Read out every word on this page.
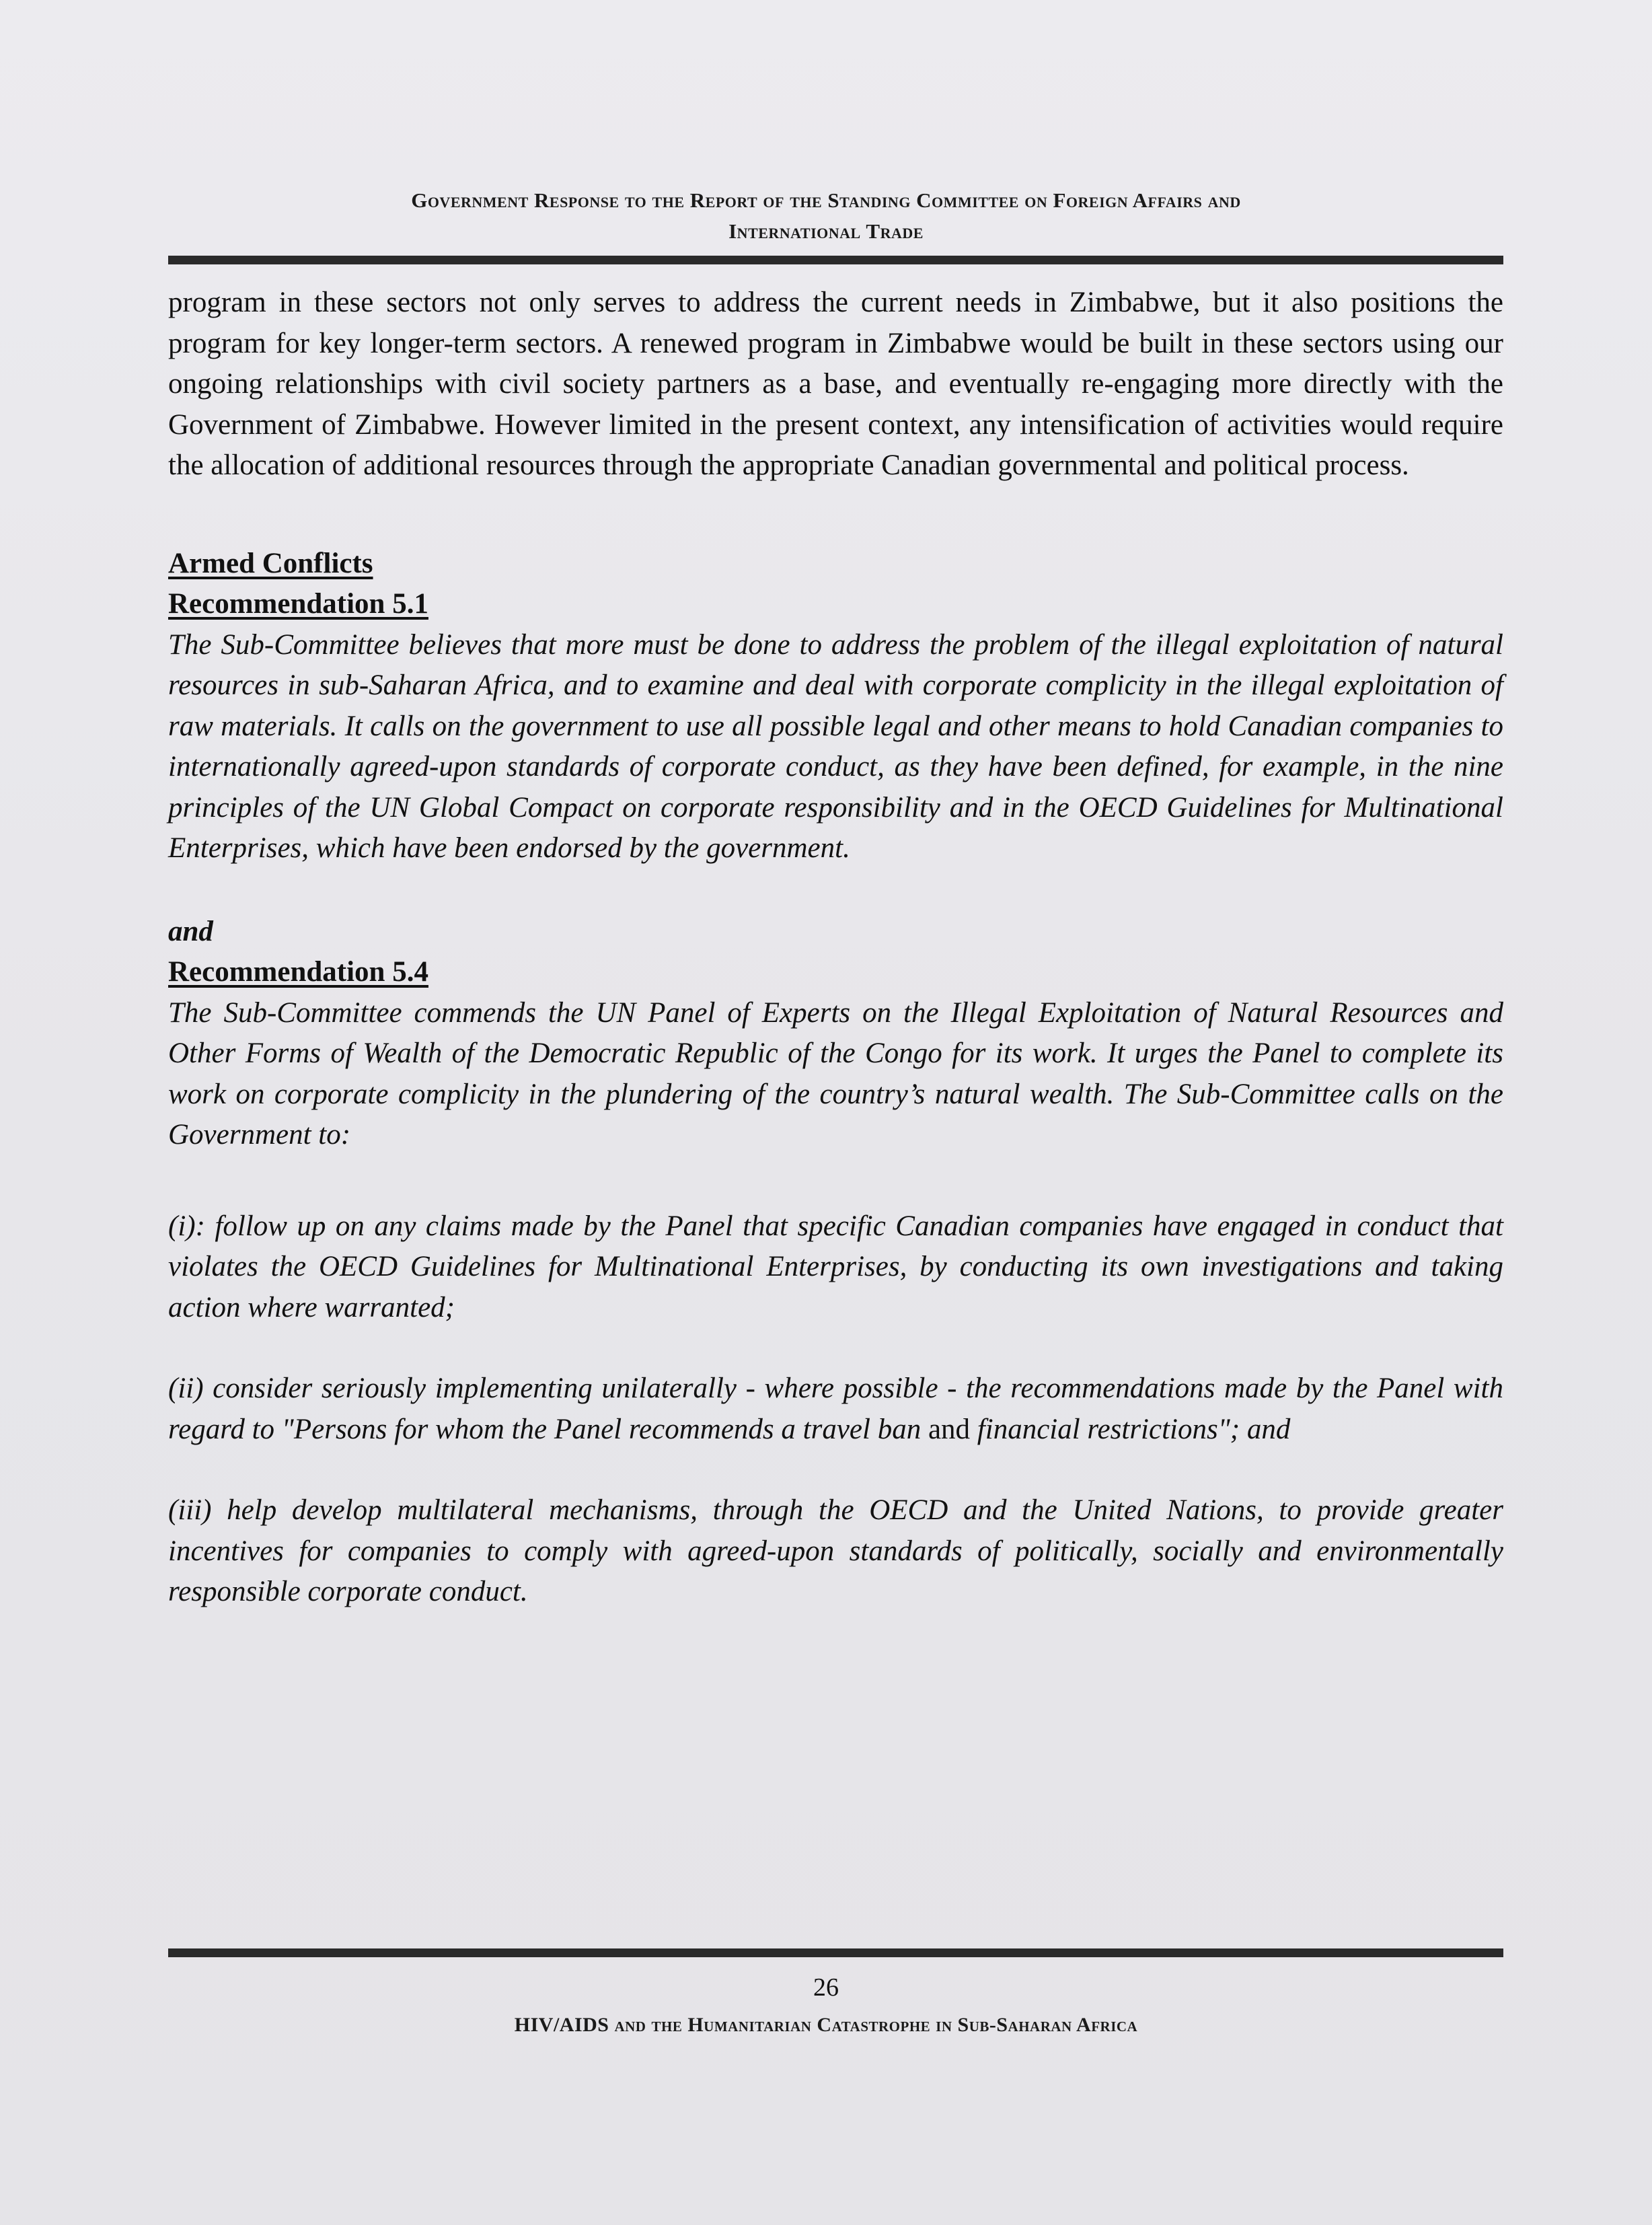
Government Response to the Report of the Standing Committee on Foreign Affairs and
International Trade

program in these sectors not only serves to address the current needs in Zimbabwe, but it also positions the program for key longer-term sectors. A renewed program in Zimbabwe would be built in these sectors using our ongoing relationships with civil society partners as a base, and eventually re-engaging more directly with the Government of Zimbabwe. However limited in the present context, any intensification of activities would require the allocation of additional resources through the appropriate Canadian governmental and political process.

Armed Conflicts

Recommendation 5.1

The Sub-Committee believes that more must be done to address the problem of the illegal exploitation of natural resources in sub-Saharan Africa, and to examine and deal with corporate complicity in the illegal exploitation of raw materials. It calls on the government to use all possible legal and other means to hold Canadian companies to internationally agreed-upon standards of corporate conduct, as they have been defined, for example, in the nine principles of the UN Global Compact on corporate responsibility and in the OECD Guidelines for Multinational Enterprises, which have been endorsed by the government.

and

Recommendation 5.4

The Sub-Committee commends the UN Panel of Experts on the Illegal Exploitation of Natural Resources and Other Forms of Wealth of the Democratic Republic of the Congo for its work. It urges the Panel to complete its work on corporate complicity in the plundering of the country’s natural wealth. The Sub-Committee calls on the Government to:

(i): follow up on any claims made by the Panel that specific Canadian companies have engaged in conduct that violates the OECD Guidelines for Multinational Enterprises, by conducting its own investigations and taking action where warranted;

(ii) consider seriously implementing unilaterally - where possible - the recommendations made by the Panel with regard to "Persons for whom the Panel recommends a travel ban and financial restrictions"; and

(iii) help develop multilateral mechanisms, through the OECD and the United Nations, to provide greater incentives for companies to comply with agreed-upon standards of politically, socially and environmentally responsible corporate conduct.

26
HIV/AIDS and the Humanitarian Catastrophe in Sub-Saharan Africa
